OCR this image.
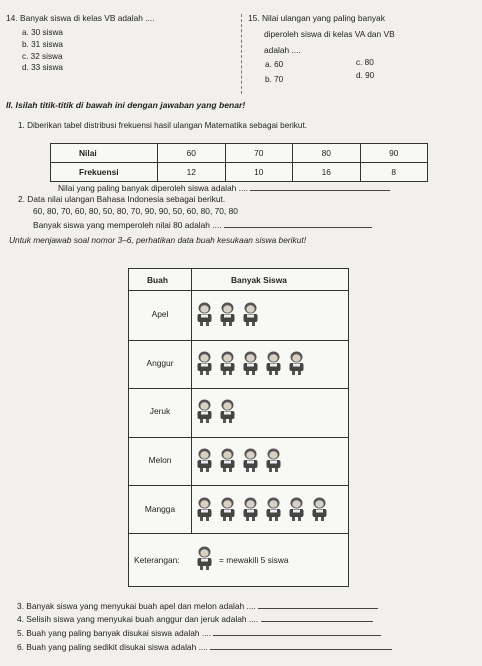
14. Banyak siswa di kelas VB adalah ....
a. 30 siswa
b. 31 siswa
c. 32 siswa
d. 33 siswa
15. Nilai ulangan yang paling banyak
diperoleh siswa di kelas VA dan VB
adalah ....
a. 60
b. 70
c. 80
d. 90
II. Isilah titik-titik di bawah ini dengan jawaban yang benar!
1. Diberikan tabel distribusi frekuensi hasil ulangan Matematika sebagai berikut.
Nilai	60	70	80	90
Frekuensi	12	10	16	8
Nilai yang paling banyak diperoleh siswa adalah ....
2. Data nilai ulangan Bahasa Indonesia sebagai berikut.
60, 80, 70, 60, 80, 50, 80, 70, 90, 90, 50, 60, 80, 70, 80
Banyak siswa yang memperoleh nilai 80 adalah ....
Untuk menjawab soal nomor 3–6, perhatikan data buah kesukaan siswa berikut!
Buah	Banyak Siswa
Apel
Anggur
Jeruk
Melon
Mangga
Keterangan:	= mewakili 5 siswa
3. Banyak siswa yang menyukai buah apel dan melon adalah ....
4. Selisih siswa yang menyukai buah anggur dan jeruk adalah ....
5. Buah yang paling banyak disukai siswa adalah ....
6. Buah yang paling sedikit disukai siswa adalah ....
